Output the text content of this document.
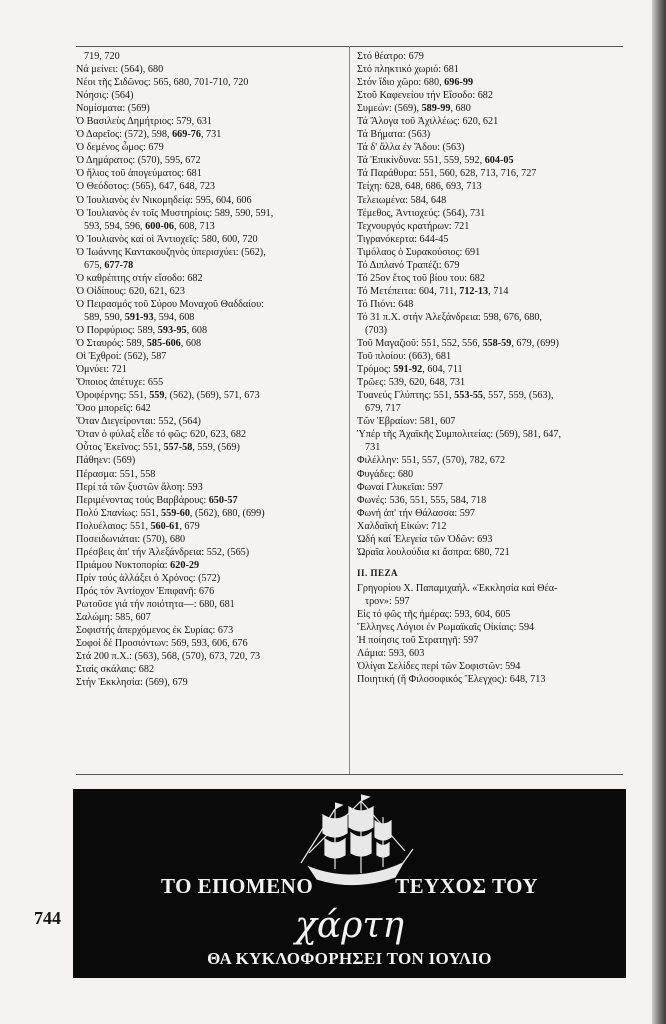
719, 720
Νά μείνει: (564), 680
Νέοι τῆς Σιδῶνος: 565, 680, 701-710, 720
Νόησις: (564)
Νομίσματα: (569)
Ὁ Βασιλεὺς Δημήτριος: 579, 631
Ὁ Δαρεῖος: (572), 598, 669-76, 731
Ὁ δεμένος ὦμος: 679
Ὁ Δημάρατος: (570), 595, 672
Ὁ ἥλιος τοῦ ἀπογεύματος: 681
Ὁ Θεόδοτος: (565), 647, 648, 723
Ὁ Ἰουλιανὸς ἐν Νικομηδείᾳ: 595, 604, 606
Ὁ Ἰουλιανὸς ἐν τοῖς Μυστηρίοις: 589, 590, 591,
593, 594, 596, 600-06, 608, 713
Ὁ Ἰουλιανὸς καί οἱ Ἀντιοχεῖς: 580, 600, 720
Ὁ Ἰωάννης Καντακουζηνὸς ὑπερισχύει: (562),
675, 677-78
Ὁ καθρέπτης στήν εἴσοδο: 682
Ὁ Οἰδίπους: 620, 621, 623
Ὁ Πειρασμός τοῦ Σύρου Μοναχοῦ Θαδδαίου:
589, 590, 591-93, 594, 608
Ὁ Πορφύριος: 589, 593-95, 608
Ὁ Σταυρός: 589, 585-606, 608
Οἱ Ἐχθροί: (562), 587
Ὀμνύει: 721
Ὅποιος ἀπέτυχε: 655
Ὀροφέρνης: 551, 559, (562), (569), 571, 673
Ὅσο μπορεῖς: 642
Ὅταν Διεγείρονται: 552, (564)
Ὅταν ὁ φύλαξ εἶδε τό φῶς: 620, 623, 682
Οὗτος Ἐκεῖνος: 551, 557-58, 559, (569)
Πάθηεν: (569)
Πέρασμα: 551, 558
Περί τά τῶν ξυστῶν ἄλση: 593
Περιμένοντας τούς Βαρβάρους: 650-57
Πολύ Σπανίως: 551, 559-60, (562), 680, (699)
Πολυέλαιος: 551, 560-61, 679
Ποσειδωνιάται: (570), 680
Πρέσβεις ἀπ' τήν Ἀλεξάνδρεια: 552, (565)
Πριάμου Νυκτοπορία: 620-29
Πρίν τούς ἀλλάξει ὁ Χρόνος: (572)
Πρός τόν Ἀντίοχον Ἐπιφανῆ: 676
Ρωτοῦσε γιά τήν ποιότητα—: 680, 681
Σαλώμη: 585, 607
Σοφιστής ἀπερχόμενος ἐκ Συρίας: 673
Σοφοί δέ Προσιόντων: 569, 593, 606, 676
Στά 200 π.Χ.: (563), 568, (570), 673, 720, 73
Σταίς σκάλαις: 682
Στήν Ἐκκλησία: (569), 679
Στό θέατρο: 679
Στό πληκτικό χωριό: 681
Στόν ἴδιο χῶρο: 680, 696-99
Στοῦ Καφενείου τήν Εἴσοδο: 682
Συμεών: (569), 589-99, 680
Τά Ἄλογα τοῦ Ἀχιλλέως: 620, 621
Τά Βήματα: (563)
Τά δ' ἄλλα ἐν Ἅδου: (563)
Τά Ἐπικίνδυνα: 551, 559, 592, 604-05
Τά Παράθυρα: 551, 560, 628, 713, 716, 727
Τείχη: 628, 648, 686, 693, 713
Τελειωμένα: 584, 648
Τέμεθος, Ἀντιοχεύς: (564), 731
Τεχνουργός κρατήρων: 721
Τιγρανόκερτα: 644-45
Τιμόλαος ὁ Συρακούσιος: 691
Τό Διπλανό Τραπέζι: 679
Τό 25ον ἔτος τοῦ βίου του: 682
Τό Μετέπειτα: 604, 711, 712-13, 714
Τό Πιόνι: 648
Τό 31 π.Χ. στήν Ἀλεξάνδρεια: 598, 676, 680,
(703)
Τοῦ Μαγαζιοῦ: 551, 552, 556, 558-59, 679, (699)
Τοῦ πλοίου: (663), 681
Τρόμος: 591-92, 604, 711
Τρῶες: 539, 620, 648, 731
Τυανεύς Γλύπτης: 551, 553-55, 557, 559, (563),
679, 717
Τῶν Ἑβραίων: 581, 607
Ὑπέρ τῆς Ἀχαϊκῆς Συμπολιτείας: (569), 581, 647,
731
Φιλέλλην: 551, 557, (570), 782, 672
Φυγάδες: 680
Φωναί Γλυκεῖαι: 597
Φωνές: 536, 551, 555, 584, 718
Φωνή ἀπ' τήν Θάλασσα: 597
Χαλδαϊκή Εἰκών: 712
Ὠδή καί Ἐλεγεία τῶν Ὁδῶν: 693
Ὡραῖα λουλούδια κι ἄσπρα: 680, 721
II. ΠΕΖΑ
Γρηγορίου Χ. Παπαμιχαήλ. «Ἐκκλησία καί Θέα-
τρον»: 597
Εἰς τό φῶς τῆς ἡμέρας: 593, 604, 605
Ἕλληνες Λόγιοι ἐν Ρωμαϊκαῖς Οἰκίαις: 594
Ἡ ποίησις τοῦ Στρατηγῆ: 597
Λάμια: 593, 603
Ὀλίγαι Σελίδες περί τῶν Σοφιστῶν: 594
Ποιητική (ἤ Φιλοσοφικός Ἔλεγχος): 648, 713
ΤΟ ΕΠΟΜΕΝΟ	ΤΕΥΧΟΣ ΤΟΥ
χάρτη
ΘΑ ΚΥΚΛΟΦΟΡΗΣΕΙ ΤΟΝ ΙΟΥΛΙΟ
744
